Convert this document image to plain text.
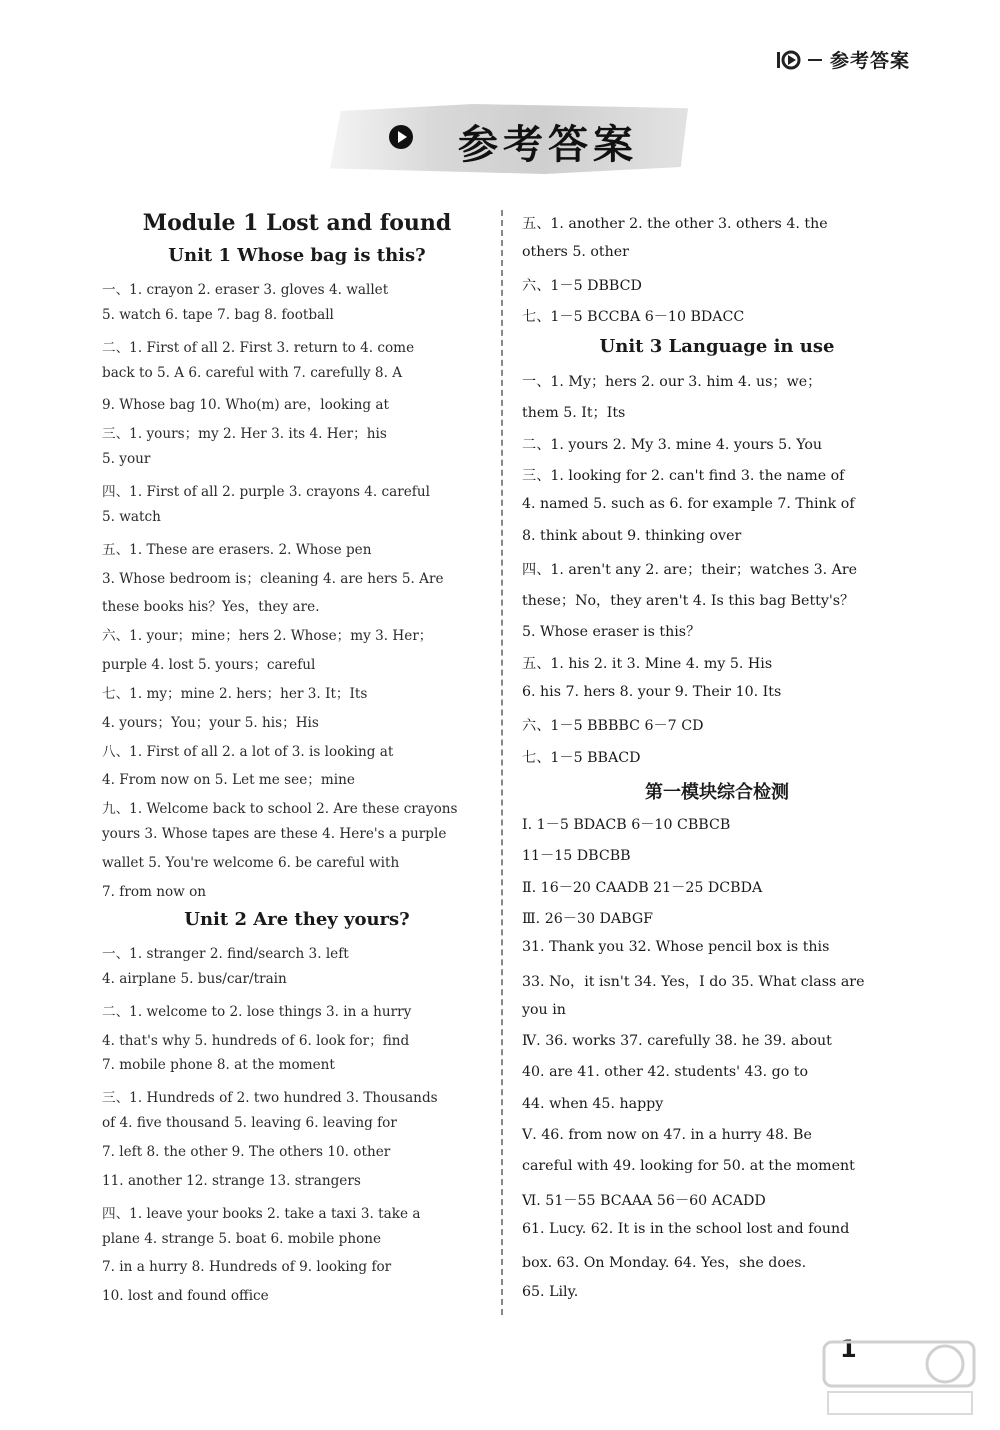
参考答案
参考答案
Module 1 Lost and found
Unit 1 Whose bag is this?
一、1. crayon 2. eraser 3. gloves 4. wallet
5. watch 6. tape 7. bag 8. football
二、1. First of all 2. First 3. return to 4. come
back to 5. A 6. careful with 7. carefully 8. A
9. Whose bag 10. Who(m) are，looking at
三、1. yours；my 2. Her 3. its 4. Her；his
5. your
四、1. First of all 2. purple 3. crayons 4. careful
5. watch
五、1. These are erasers. 2. Whose pen
3. Whose bedroom is；cleaning 4. are hers 5. Are
these books his？Yes，they are.
六、1. your；mine；hers 2. Whose；my 3. Her；
purple 4. lost 5. yours；careful
七、1. my；mine 2. hers；her 3. It；Its
4. yours；You；your 5. his；His
八、1. First of all 2. a lot of 3. is looking at
4. From now on 5. Let me see；mine
九、1. Welcome back to school 2. Are these crayons
yours 3. Whose tapes are these 4. Here's a purple
wallet 5. You're welcome 6. be careful with
7. from now on
Unit 2 Are they yours?
一、1. stranger 2. find/search 3. left
4. airplane 5. bus/car/train
二、1. welcome to 2. lose things 3. in a hurry
4. that's why 5. hundreds of 6. look for；find
7. mobile phone 8. at the moment
三、1. Hundreds of 2. two hundred 3. Thousands
of 4. five thousand 5. leaving 6. leaving for
7. left 8. the other 9. The others 10. other
11. another 12. strange 13. strangers
四、1. leave your books 2. take a taxi 3. take a
plane 4. strange 5. boat 6. mobile phone
7. in a hurry 8. Hundreds of 9. looking for
10. lost and found office
五、1. another 2. the other 3. others 4. the
others 5. other
六、1－5 DBBCD
七、1－5 BCCBA 6－10 BDACC
Unit 3 Language in use
一、1. My；hers 2. our 3. him 4. us；we；
them 5. It；Its
二、1. yours 2. My 3. mine 4. yours 5. You
三、1. looking for 2. can't find 3. the name of
4. named 5. such as 6. for example 7. Think of
8. think about 9. thinking over
四、1. aren't any 2. are；their；watches 3. Are
these；No，they aren't 4. Is this bag Betty's？
5. Whose eraser is this？
五、1. his 2. it 3. Mine 4. my 5. His
6. his 7. hers 8. your 9. Their 10. Its
六、1－5 BBBBC 6－7 CD
七、1－5 BBACD
第一模块综合检测
Ⅰ. 1－5 BDACB 6－10 CBBCB
11－15 DBCBB
Ⅱ. 16－20 CAADB 21－25 DCBDA
Ⅲ. 26－30 DABGF
31. Thank you 32. Whose pencil box is this
33. No，it isn't 34. Yes，I do 35. What class are
you in
Ⅳ. 36. works 37. carefully 38. he 39. about
40. are 41. other 42. students' 43. go to
44. when 45. happy
Ⅴ. 46. from now on 47. in a hurry 48. Be
careful with 49. looking for 50. at the moment
Ⅵ. 51－55 BCAAA 56－60 ACADD
61. Lucy. 62. It is in the school lost and found
box. 63. On Monday. 64. Yes，she does.
65. Lily.
1
